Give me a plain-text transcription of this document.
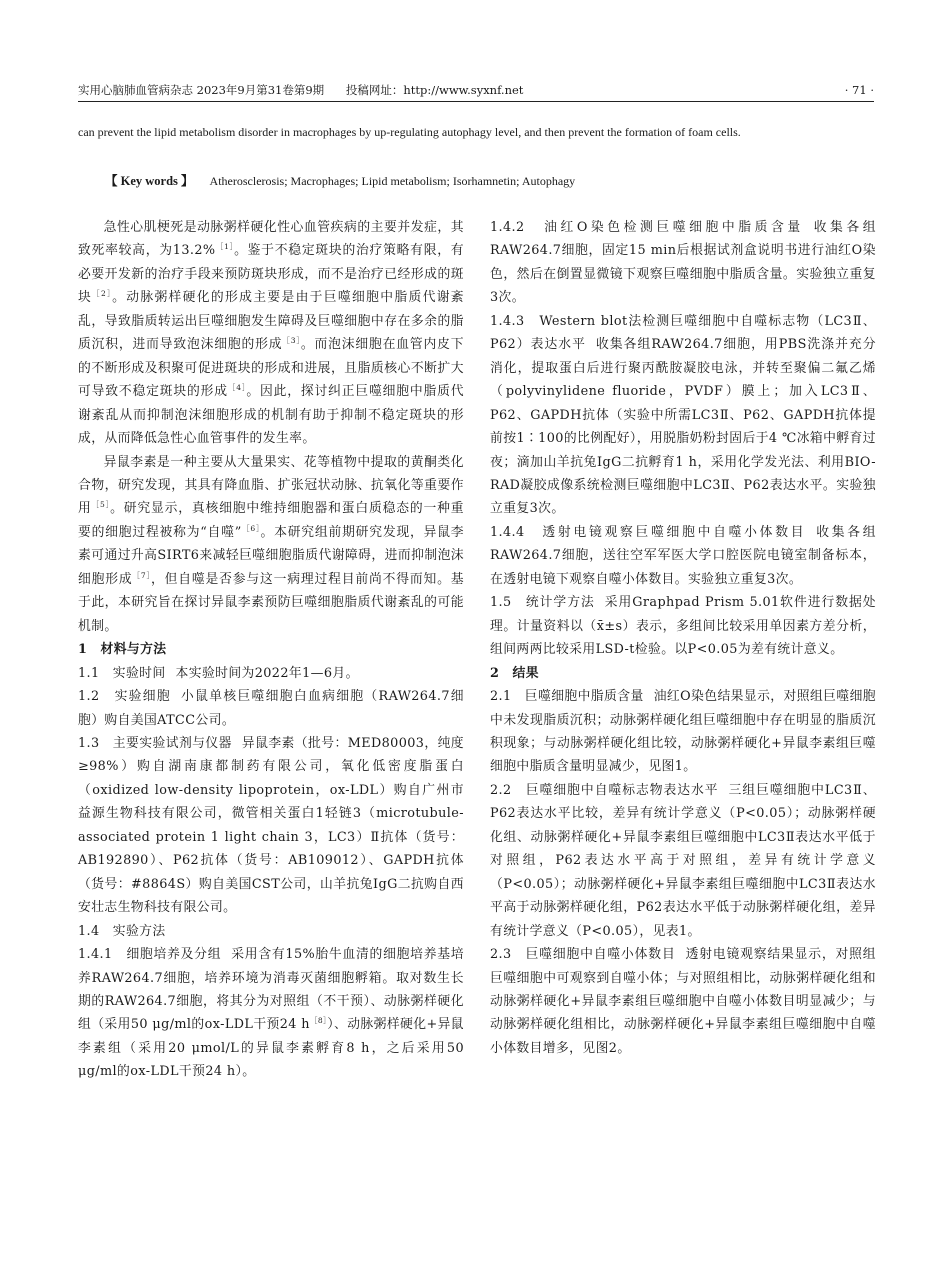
实用心脑肺血管病杂志 2023年9月第31卷第9期 投稿网址：http://www.syxnf.net	· 71 ·
can prevent the lipid metabolism disorder in macrophages by up-regulating autophagy level, and then prevent the formation of foam cells.
【 Key words 】 Atherosclerosis; Macrophages; Lipid metabolism; Isorhamnetin; Autophagy

急性心肌梗死是动脉粥样硬化性心血管疾病的主要并发症，其致死率较高，为13.2%$^{[1]}$。鉴于不稳定斑块的治疗策略有限，有必要开发新的治疗手段来预防斑块形成，而不是治疗已经形成的斑块$^{[2]}$。动脉粥样硬化的形成主要是由于巨噬细胞中脂质代谢紊乱，导致脂质转运出巨噬细胞发生障碍及巨噬细胞中存在多余的脂质沉积，进而导致泡沫细胞的形成$^{[3]}$。而泡沫细胞在血管内皮下的不断形成及积聚可促进斑块的形成和进展，且脂质核心不断扩大可导致不稳定斑块的形成$^{[4]}$。因此，探讨纠正巨噬细胞中脂质代谢紊乱从而抑制泡沫细胞形成的机制有助于抑制不稳定斑块的形成，从而降低急性心血管事件的发生率。

异鼠李素是一种主要从大量果实、花等植物中提取的黄酮类化合物，研究发现，其具有降血脂、扩张冠状动脉、抗氧化等重要作用$^{[5]}$。研究显示，真核细胞中维持细胞器和蛋白质稳态的一种重要的细胞过程被称为“自噬”$^{[6]}$。本研究组前期研究发现，异鼠李素可通过升高SIRT6来减轻巨噬细胞脂质代谢障碍，进而抑制泡沫细胞形成$^{[7]}$，但自噬是否参与这一病理过程目前尚不得而知。基于此，本研究旨在探讨异鼠李素预防巨噬细胞脂质代谢紊乱的可能机制。

1　材料与方法

1.1　实验时间 本实验时间为2022年1—6月。

1.2　实验细胞 小鼠单核巨噬细胞白血病细胞（RAW264.7细胞）购自美国ATCC公司。

1.3　主要实验试剂与仪器 异鼠李素（批号：MED80003，纯度≥98%）购自湖南康都制药有限公司，氧化低密度脂蛋白（oxidized low-density lipoprotein，ox-LDL）购自广州市益源生物科技有限公司，微管相关蛋白1轻链3（microtubule-associated protein 1 light chain 3，LC3）Ⅱ抗体（货号：AB192890）、P62抗体（货号：AB109012）、GAPDH抗体（货号：#8864S）购自美国CST公司，山羊抗兔IgG二抗购自西安壮志生物科技有限公司。

1.4　实验方法

1.4.1　细胞培养及分组 采用含有15%胎牛血清的细胞培养基培养RAW264.7细胞，培养环境为消毒灭菌细胞孵箱。取对数生长期的RAW264.7细胞，将其分为对照组（不干预）、动脉粥样硬化组（采用50 μg/ml的ox-LDL干预24 $h^{[8]}$）、动脉粥样硬化+异鼠李素组（采用20 μmol/L的异鼠李素孵育8 h，之后采用50 μg/ml的ox-LDL干预24 h）。

1.4.2　油红O染色检测巨噬细胞中脂质含量 收集各组RAW264.7细胞，固定15 min后根据试剂盒说明书进行油红O染色，然后在倒置显微镜下观察巨噬细胞中脂质含量。实验独立重复3次。

1.4.3　Western blot法检测巨噬细胞中自噬标志物（LC3Ⅱ、P62）表达水平 收集各组RAW264.7细胞，用PBS洗涤并充分消化，提取蛋白后进行聚丙酰胺凝胶电泳，并转至聚偏二氟乙烯（polyvinylidene fluoride，PVDF）膜上；加入LC3Ⅱ、P62、GAPDH抗体（实验中所需LC3Ⅱ、P62、GAPDH抗体提前按1∶100的比例配好），用脱脂奶粉封固后于4 ℃冰箱中孵育过夜；滴加山羊抗兔IgG二抗孵育1 h，采用化学发光法、利用BIO-RAD凝胶成像系统检测巨噬细胞中LC3Ⅱ、P62表达水平。实验独立重复3次。

1.4.4　透射电镜观察巨噬细胞中自噬小体数目 收集各组RAW264.7细胞，送往空军军医大学口腔医院电镜室制备标本，在透射电镜下观察自噬小体数目。实验独立重复3次。

1.5　统计学方法 采用Graphpad Prism 5.01软件进行数据处理。计量资料以（x̄±s）表示，多组间比较采用单因素方差分析，组间两两比较采用LSD-t检验。以P<0.05为差有统计意义。

2　结果

2.1　巨噬细胞中脂质含量 油红O染色结果显示，对照组巨噬细胞中未发现脂质沉积；动脉粥样硬化组巨噬细胞中存在明显的脂质沉积现象；与动脉粥样硬化组比较，动脉粥样硬化+异鼠李素组巨噬细胞中脂质含量明显减少，见图1。

2.2　巨噬细胞中自噬标志物表达水平 三组巨噬细胞中LC3Ⅱ、P62表达水平比较，差异有统计学意义（P<0.05）；动脉粥样硬化组、动脉粥样硬化+异鼠李素组巨噬细胞中LC3Ⅱ表达水平低于对照组，P62表达水平高于对照组，差异有统计学意义（P<0.05）；动脉粥样硬化+异鼠李素组巨噬细胞中LC3Ⅱ表达水平高于动脉粥样硬化组，P62表达水平低于动脉粥样硬化组，差异有统计学意义（P<0.05），见表1。

2.3　巨噬细胞中自噬小体数目 透射电镜观察结果显示，对照组巨噬细胞中可观察到自噬小体；与对照组相比，动脉粥样硬化组和动脉粥样硬化+异鼠李素组巨噬细胞中自噬小体数目明显减少；与动脉粥样硬化组相比，动脉粥样硬化+异鼠李素组巨噬细胞中自噬小体数目增多，见图2。
